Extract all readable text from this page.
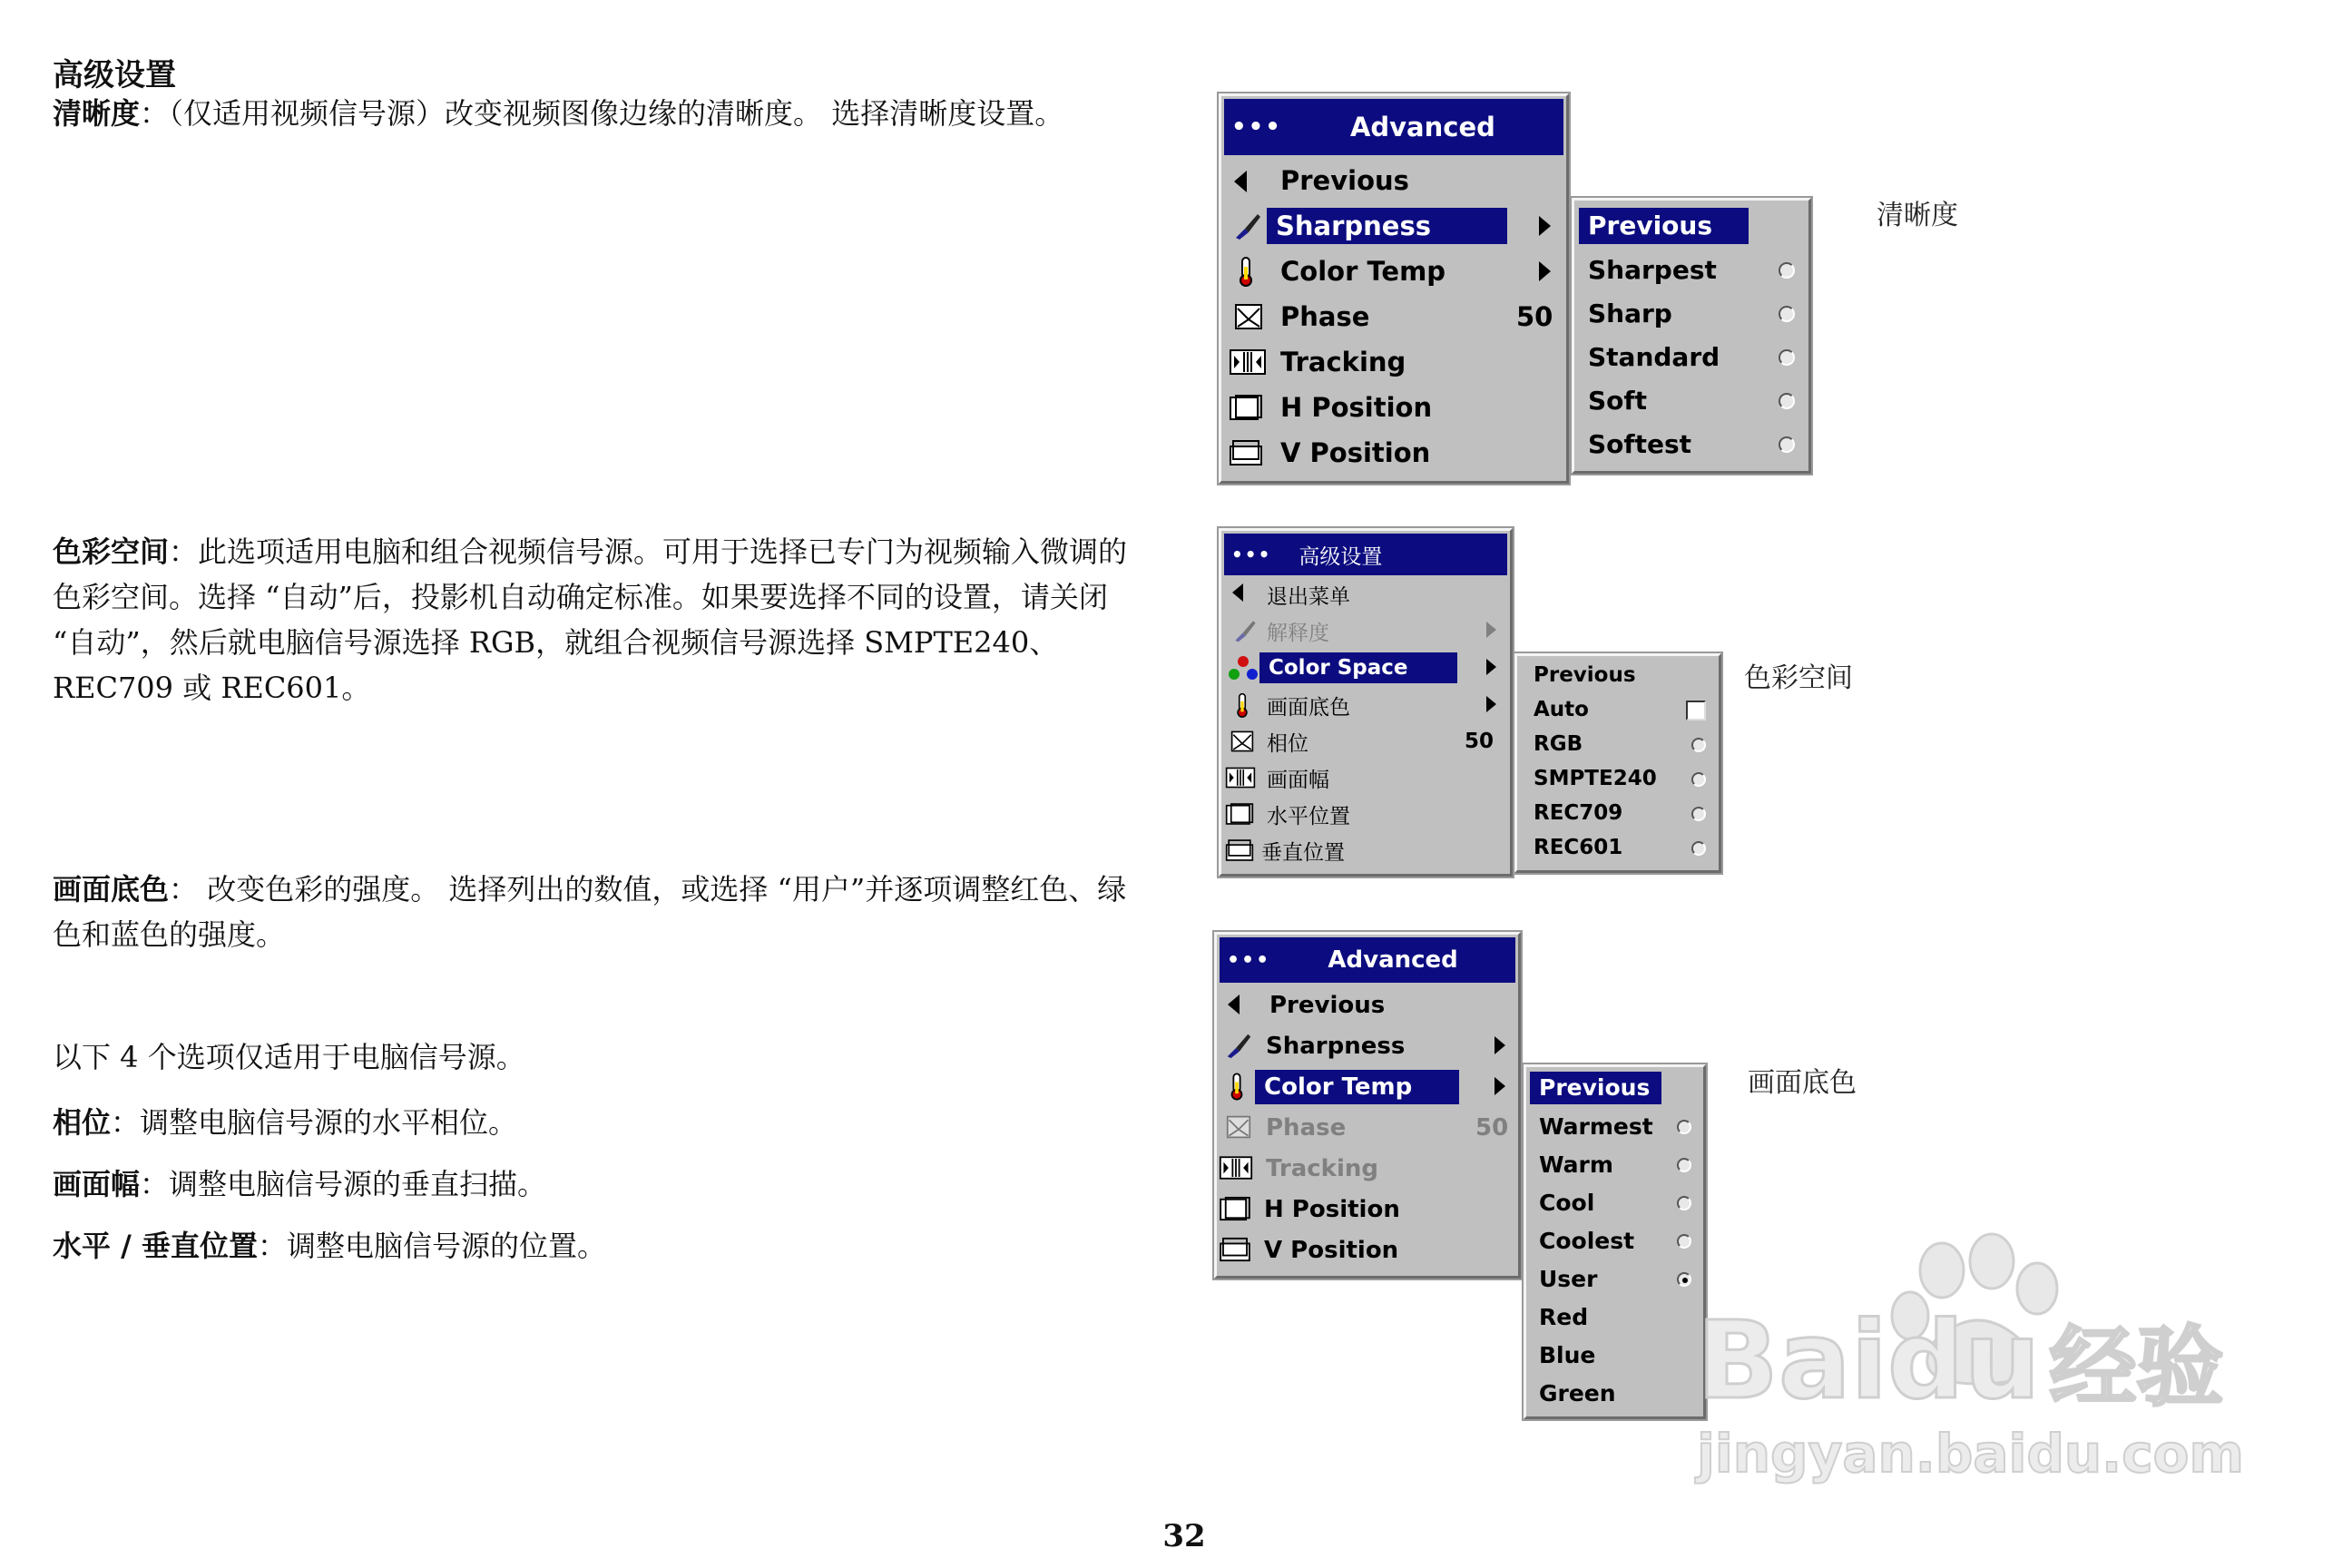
高级设置
清晰度：（仅适用视频信号源）改变视频图像边缘的清晰度。 选择清晰度设置。
色彩空间：此选项适用电脑和组合视频信号源。可用于选择已专门为视频输入微调的色彩空间。选择 “自动”后，投影机自动确定标准。如果要选择不同的设置，请关闭 “自动”，然后就电脑信号源选择 RGB，就组合视频信号源选择 SMPTE240、 REC709 或 REC601。
画面底色： 改变色彩的强度。 选择列出的数值，或选择 “用户”并逐项调整红色、绿色和蓝色的强度。
以下 4 个选项仅适用于电脑信号源。
相位：调整电脑信号源的水平相位。
画面幅：调整电脑信号源的垂直扫描。
水平 / 垂直位置：调整电脑信号源的位置。
32
清晰度
色彩空间
画面底色
•••	Advanced
Previous
Sharpness
Color Temp
Phase	50
Tracking
H Position
V Position
Previous
Sharpest
Sharp
Standard
Soft
Softest
•••	高级设置
退出菜单
解释度
Color Space
画面底色
相位	50
画面幅
水平位置
垂直位置
Previous
Auto
RGB
SMPTE240
REC709
REC601
•••	Advanced
Previous
Sharpness
Color Temp
Phase	50
Tracking
H Position
V Position
Previous
Warmest
Warm
Cool
Coolest
User
Red
Blue
Green Baidu 经验
jingyan.baidu.com
